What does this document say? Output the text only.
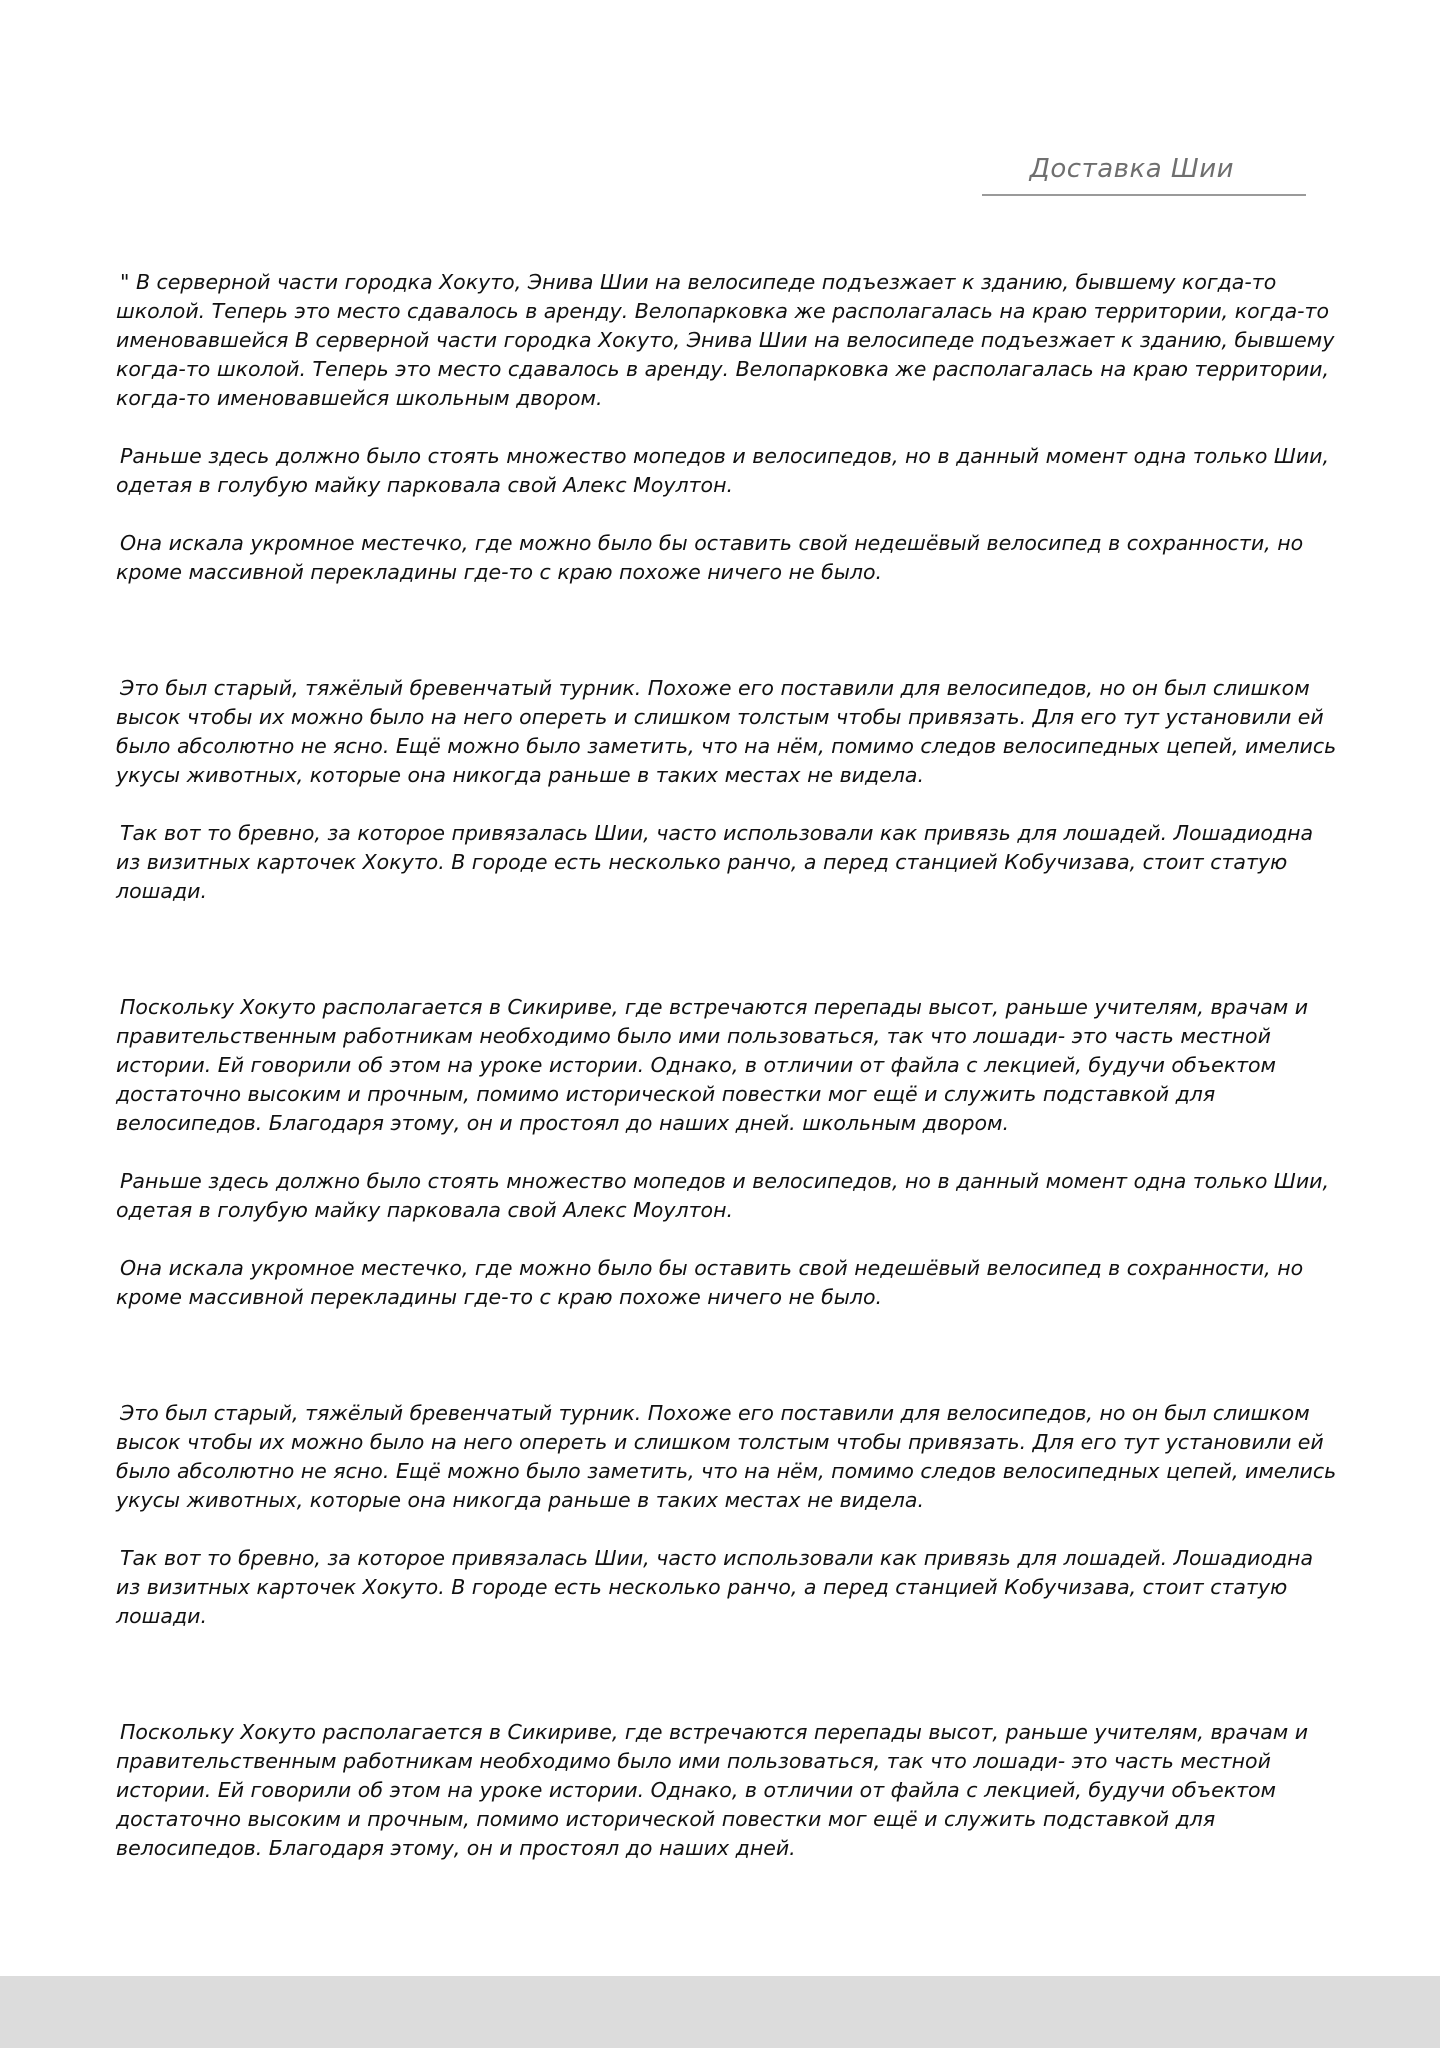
Доставка Шии

" В серверной части городка Хокуто, Энива Шии на велосипеде подъезжает к зданию, бывшему когда-то школой. Теперь это место сдавалось в аренду. Велопарковка же располагалась на краю территории, когда-то именовавшейся В серверной части городка Хокуто, Энива Шии на велосипеде подъезжает к зданию, бывшему когда-то школой. Теперь это место сдавалось в аренду. Велопарковка же располагалась на краю территории, когда-то именовавшейся школьным двором.

Раньше здесь должно было стоять множество мопедов и велосипедов, но в данный момент одна только Шии, одетая в голубую майку парковала свой Алекс Моултон.

Она искала укромное местечко, где можно было бы оставить свой недешёвый велосипед в сохранности, но кроме массивной перекладины где-то с краю похоже ничего не было.

Это был старый, тяжёлый бревенчатый турник. Похоже его поставили для велосипедов, но он был слишком высок чтобы их можно было на него опереть и слишком толстым чтобы привязать. Для его тут установили ей было абсолютно не ясно. Ещё можно было заметить, что на нём, помимо следов велосипедных цепей, имелись укусы животных, которые она никогда раньше в таких местах не видела.

Так вот то бревно, за которое привязалась Шии, часто использовали как привязь для лошадей. Лошадиодна из визитных карточек Хокуто. В городе есть несколько ранчо, а перед станцией Кобучизава, стоит статую лошади.

Поскольку Хокуто располагается в Сикириве, где встречаются перепады высот, раньше учителям, врачам и правительственным работникам необходимо было ими пользоваться, так что лошади- это часть местной истории. Ей говорили об этом на уроке истории. Однако, в отличии от файла с лекцией, будучи объектом достаточно высоким и прочным, помимо исторической повестки мог ещё и служить подставкой для велосипедов. Благодаря этому, он и простоял до наших дней. школьным двором.

Раньше здесь должно было стоять множество мопедов и велосипедов, но в данный момент одна только Шии, одетая в голубую майку парковала свой Алекс Моултон.

Она искала укромное местечко, где можно было бы оставить свой недешёвый велосипед в сохранности, но кроме массивной перекладины где-то с краю похоже ничего не было.

Это был старый, тяжёлый бревенчатый турник. Похоже его поставили для велосипедов, но он был слишком высок чтобы их можно было на него опереть и слишком толстым чтобы привязать. Для его тут установили ей было абсолютно не ясно. Ещё можно было заметить, что на нём, помимо следов велосипедных цепей, имелись укусы животных, которые она никогда раньше в таких местах не видела.

Так вот то бревно, за которое привязалась Шии, часто использовали как привязь для лошадей. Лошадиодна из визитных карточек Хокуто. В городе есть несколько ранчо, а перед станцией Кобучизава, стоит статую лошади.

Поскольку Хокуто располагается в Сикириве, где встречаются перепады высот, раньше учителям, врачам и правительственным работникам необходимо было ими пользоваться, так что лошади- это часть местной истории. Ей говорили об этом на уроке истории. Однако, в отличии от файла с лекцией, будучи объектом достаточно высоким и прочным, помимо исторической повестки мог ещё и служить подставкой для велосипедов. Благодаря этому, он и простоял до наших дней.
